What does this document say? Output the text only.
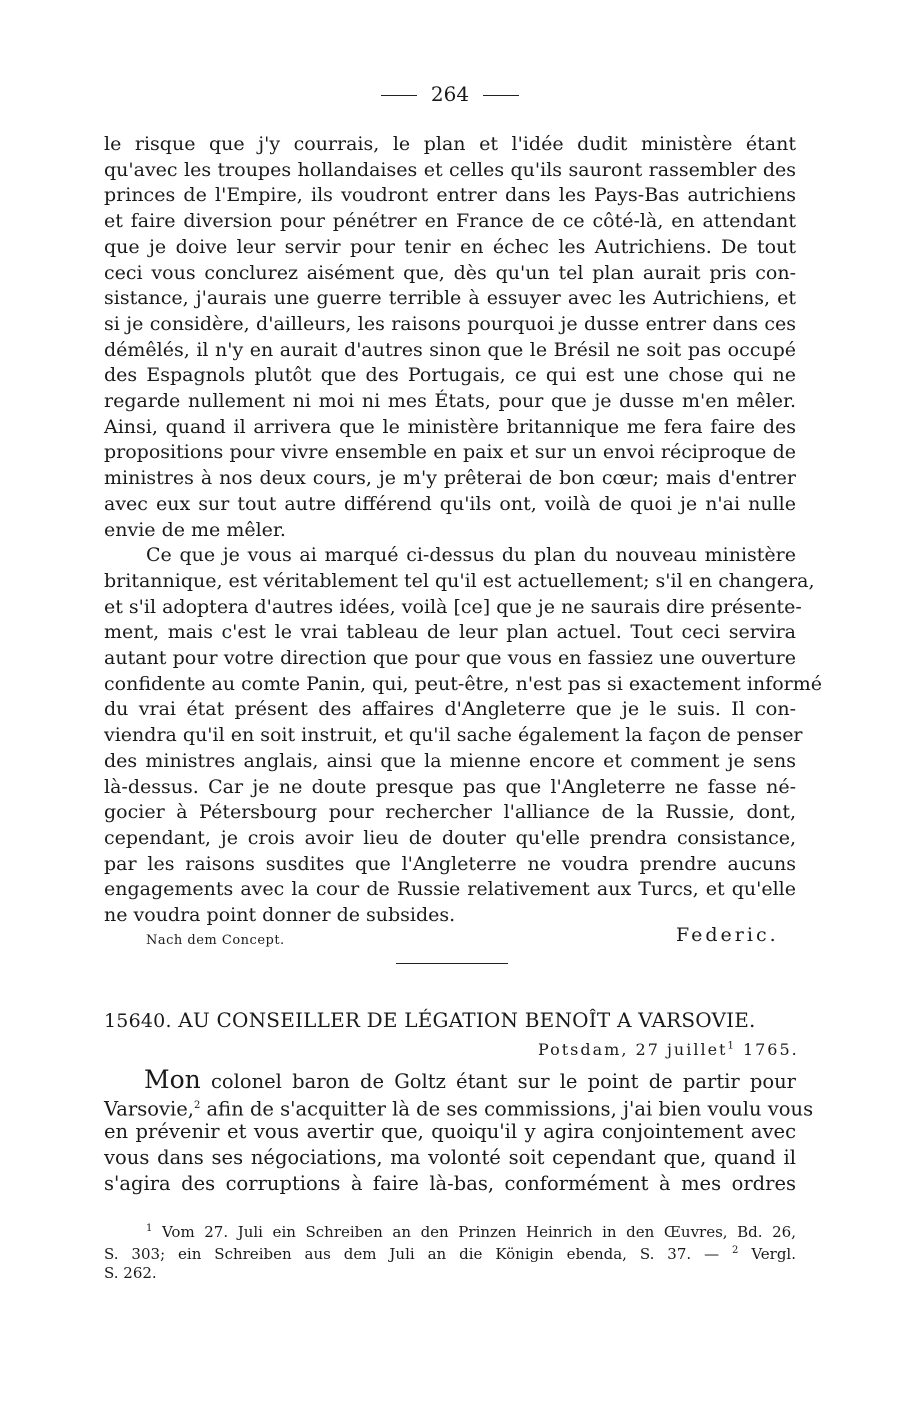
264
le risque que j'y courrais, le plan et l'idée dudit ministère étant
qu'avec les troupes hollandaises et celles qu'ils sauront rassembler des
princes de l'Empire, ils voudront entrer dans les Pays-Bas autrichiens
et faire diversion pour pénétrer en France de ce côté-là, en attendant
que je doive leur servir pour tenir en échec les Autrichiens. De tout
ceci vous conclurez aisément que, dès qu'un tel plan aurait pris con-
sistance, j'aurais une guerre terrible à essuyer avec les Autrichiens, et
si je considère, d'ailleurs, les raisons pourquoi je dusse entrer dans ces
démêlés, il n'y en aurait d'autres sinon que le Brésil ne soit pas occupé
des Espagnols plutôt que des Portugais, ce qui est une chose qui ne
regarde nullement ni moi ni mes États, pour que je dusse m'en mêler.
Ainsi, quand il arrivera que le ministère britannique me fera faire des
propositions pour vivre ensemble en paix et sur un envoi réciproque de
ministres à nos deux cours, je m'y prêterai de bon cœur; mais d'entrer
avec eux sur tout autre différend qu'ils ont, voilà de quoi je n'ai nulle
envie de me mêler.
Ce que je vous ai marqué ci-dessus du plan du nouveau ministère
britannique, est véritablement tel qu'il est actuellement; s'il en changera,
et s'il adoptera d'autres idées, voilà [ce] que je ne saurais dire présente-
ment, mais c'est le vrai tableau de leur plan actuel. Tout ceci servira
autant pour votre direction que pour que vous en fassiez une ouverture
confidente au comte Panin, qui, peut-être, n'est pas si exactement informé
du vrai état présent des affaires d'Angleterre que je le suis. Il con-
viendra qu'il en soit instruit, et qu'il sache également la façon de penser
des ministres anglais, ainsi que la mienne encore et comment je sens
là-dessus. Car je ne doute presque pas que l'Angleterre ne fasse né-
gocier à Pétersbourg pour rechercher l'alliance de la Russie, dont,
cependant, je crois avoir lieu de douter qu'elle prendra consistance,
par les raisons susdites que l'Angleterre ne voudra prendre aucuns
engagements avec la cour de Russie relativement aux Turcs, et qu'elle
ne voudra point donner de subsides.
Nach dem Concept.	Federic.
15640. AU CONSEILLER DE LÉGATION BENOÎT A VARSOVIE.
Potsdam, 27 juillet$^1$ 1765.
Mon colonel baron de Goltz étant sur le point de partir pour
Varsovie,$^2$ afin de s'acquitter là de ses commissions, j'ai bien voulu vous
en prévenir et vous avertir que, quoiqu'il y agira conjointement avec
vous dans ses négociations, ma volonté soit cependant que, quand il
s'agira des corruptions à faire là-bas, conformément à mes ordres
$^1$ Vom 27. Juli ein Schreiben an den Prinzen Heinrich in den Œuvres, Bd. 26,
S. 303; ein Schreiben aus dem Juli an die Königin ebenda, S. 37. — $^2$ Vergl.
S. 262.
